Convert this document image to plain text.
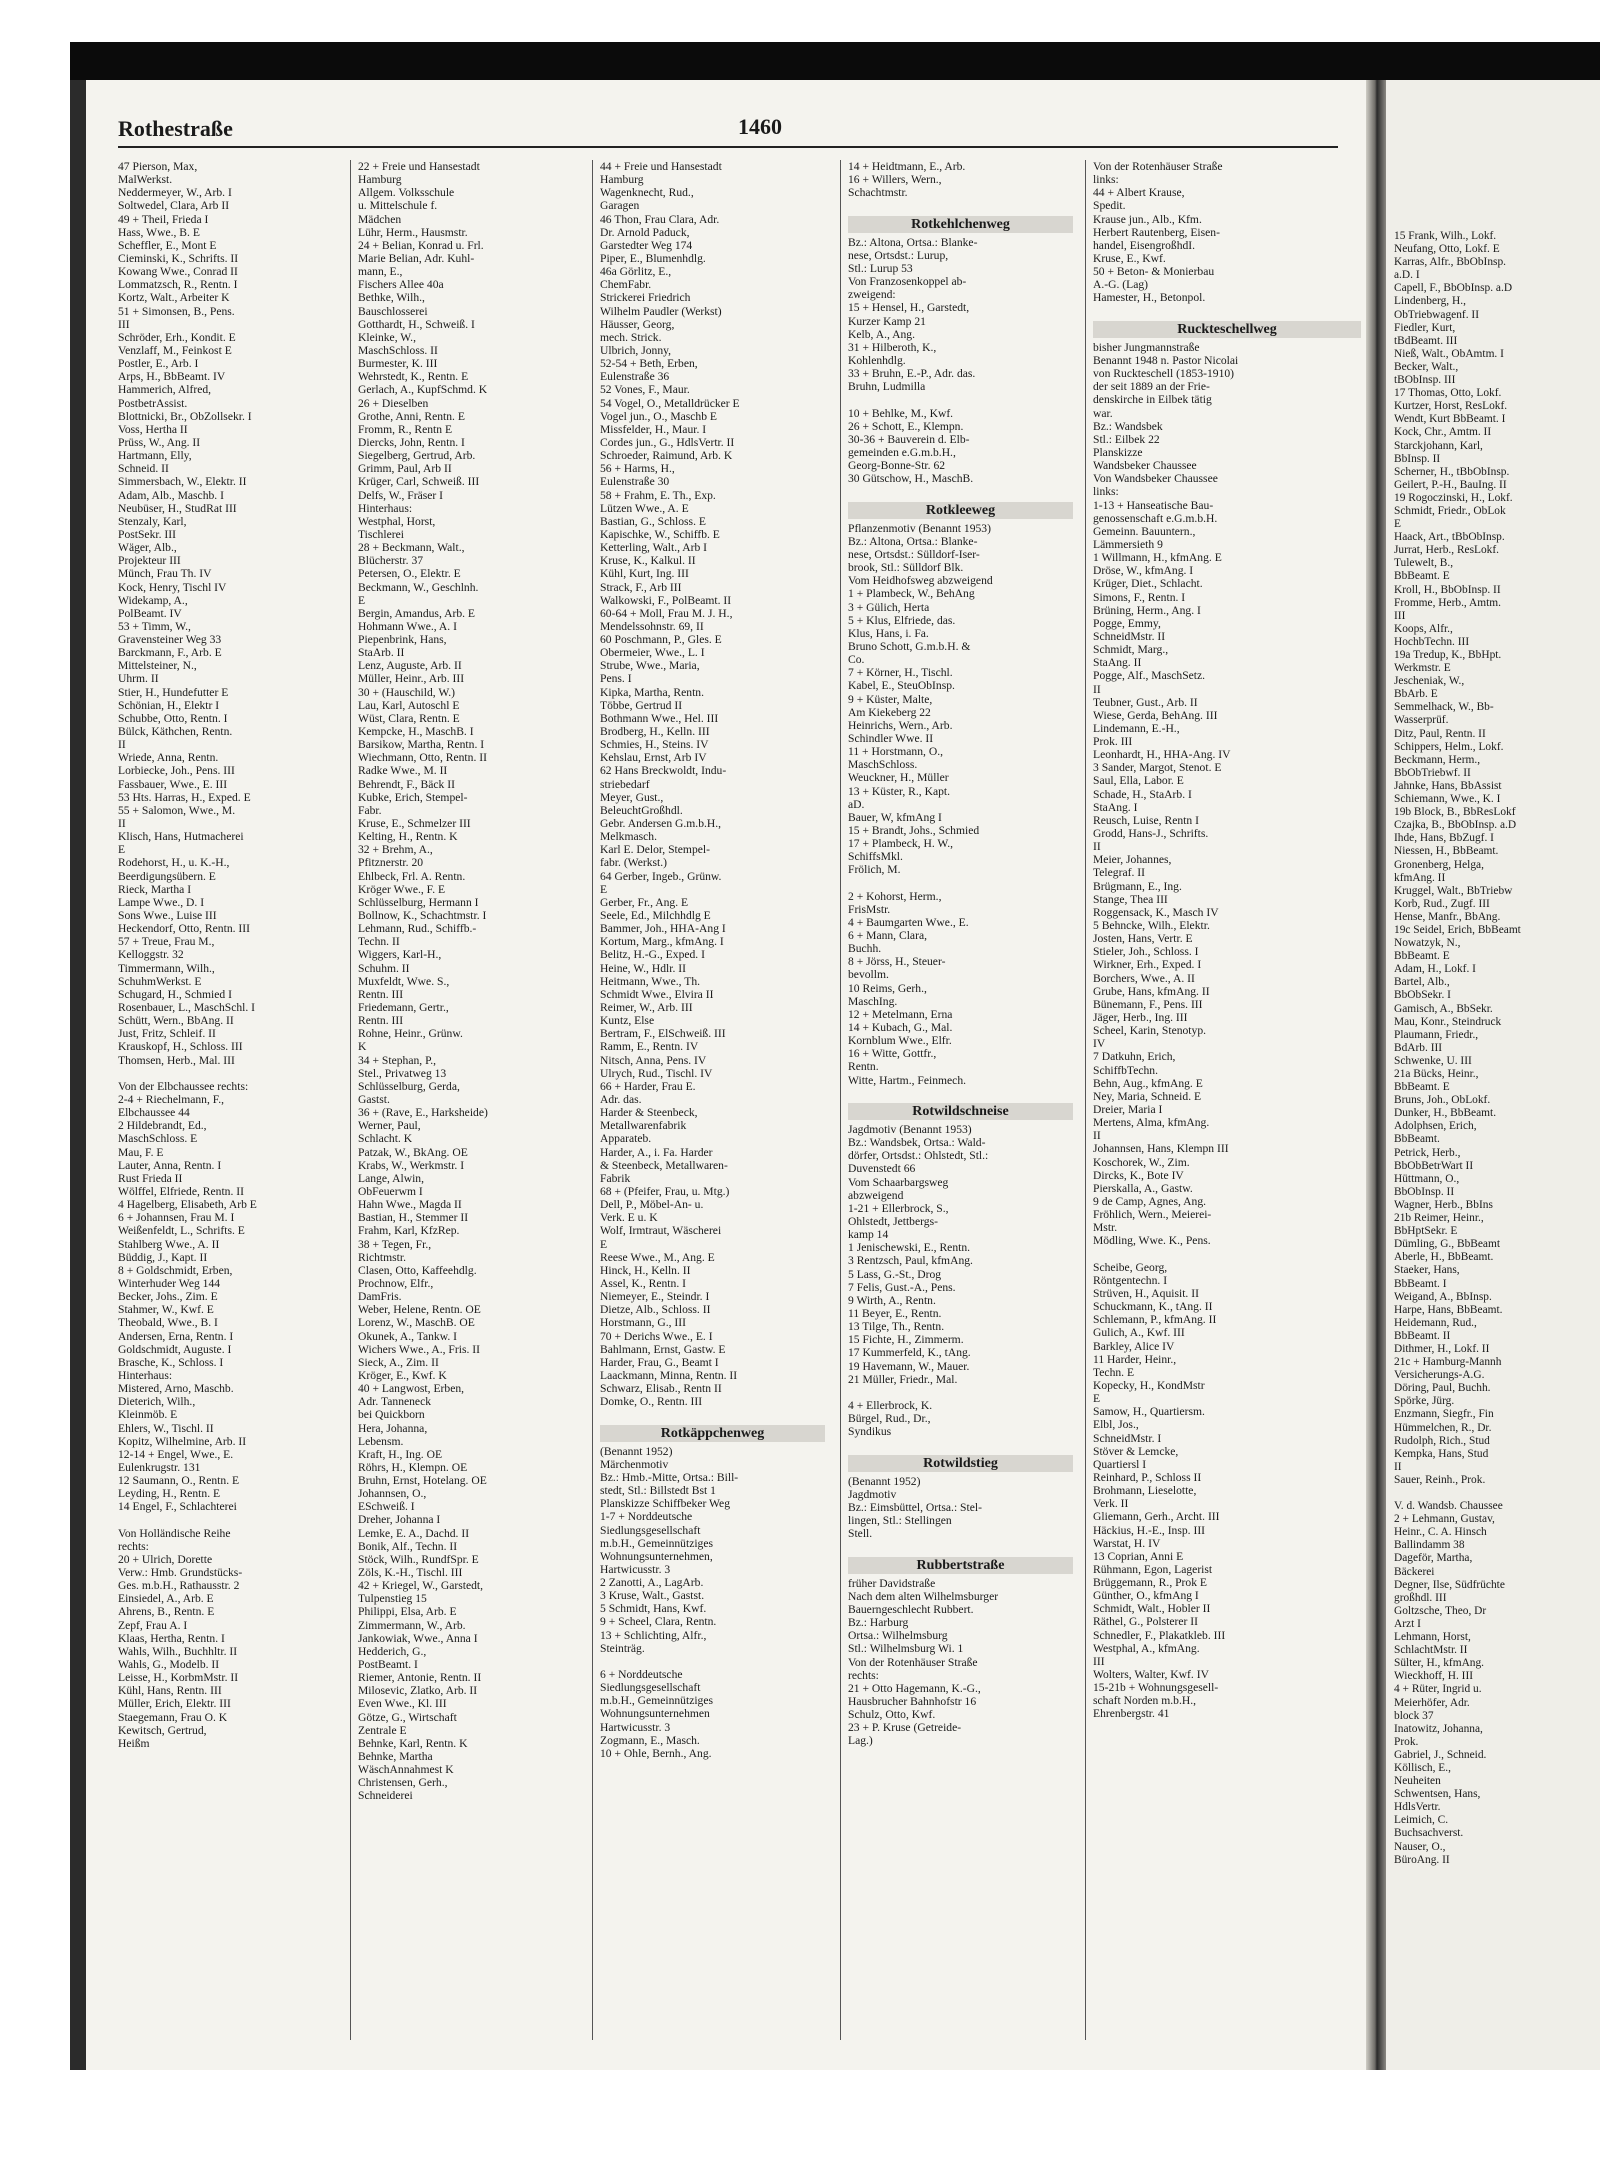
15 Frank, Wilh., Lokf.
Neufang, Otto, Lokf. E
Karras, Alfr., BbObInsp.
a.D. I
Capell, F., BbObInsp. a.D
Lindenberg, H.,
ObTriebwagenf. II
Fiedler, Kurt,
tBdBeamt. III
Nieß, Walt., ObAmtm. I
Becker, Walt.,
tBObInsp. III
17 Thomas, Otto, Lokf.
Kurtzer, Horst, ResLokf.
Wendt, Kurt BbBeamt. I
Kock, Chr., Amtm. II
Starckjohann, Karl,
BbInsp. II
Scherner, H., tBbObInsp.
Geilert, P.-H., BauIng. II
19 Rogoczinski, H., Lokf.
Schmidt, Friedr., ObLok
E
Haack, Art., tBbObInsp.
Jurrat, Herb., ResLokf.
Tulewelt, B.,
BbBeamt. E
Kroll, H., BbObInsp. II
Fromme, Herb., Amtm.
III
Koops, Alfr.,
HochbTechn. III
19a Tredup, K., BbHpt.
Werkmstr. E
Jescheniak, W.,
BbArb. E
Semmelhack, W., Bb-
Wasserprüf.
Ditz, Paul, Rentn. II
Schippers, Helm., Lokf.
Beckmann, Herm.,
BbObTriebwf. II
Jahnke, Hans, BbAssist
Schiemann, Wwe., K. I
19b Block, B., BbResLokf
Czajka, B., BbObInsp. a.D
Ihde, Hans, BbZugf. I
Niessen, H., BbBeamt.
Gronenberg, Helga,
kfmAng. II
Kruggel, Walt., BbTriebw
Korb, Rud., Zugf. III
Hense, Manfr., BbAng.
19c Seidel, Erich, BbBeamt
Nowatzyk, N.,
BbBeamt. E
Adam, H., Lokf. I
Bartel, Alb.,
BbObSekr. I
Gamisch, A., BbSekr.
Mau, Konr., Steindruck
Plaumann, Friedr.,
BdArb. III
Schwenke, U. III
21a Bücks, Heinr.,
BbBeamt. E
Bruns, Joh., ObLokf.
Dunker, H., BbBeamt.
Adolphsen, Erich,
BbBeamt.
Petrick, Herb.,
BbObBetrWart II
Hüttmann, O.,
BbObInsp. II
Wagner, Herb., BbIns
21b Reimer, Heinr.,
BbHptSekr. E
Dümling, G., BbBeamt
Aberle, H., BbBeamt.
Staeker, Hans,
BbBeamt. I
Weigand, A., BbInsp.
Harpe, Hans, BbBeamt.
Heidemann, Rud.,
BbBeamt. II
Dithmer, H., Lokf. II
21c + Hamburg-Mannh
Versicherungs-A.G.
Döring, Paul, Buchh.
Spörke, Jürg.
Enzmann, Siegfr., Fin
Hümmelchen, R., Dr.
Rudolph, Rich., Stud
Kempka, Hans, Stud
II
Sauer, Reinh., Prok.

V. d. Wandsb. Chaussee
2 + Lehmann, Gustav,
Heinr., C. A. Hinsch
Ballindamm 38
Dageför, Martha,
Bäckerei
Degner, Ilse, Südfrüchte
großhdl. III
Goltzsche, Theo, Dr
Arzt I
Lehmann, Horst,
SchlachtMstr. II
Sülter, H., kfmAng.
Wieckhoff, H. III
4 + Rüter, Ingrid u.
Meierhöfer, Adr.
block 37
Inatowitz, Johanna,
Prok.
Gabriel, J., Schneid.
Köllisch, E.,
Neuheiten
Schwentsen, Hans,
HdlsVertr.
Leimich, C.
Buchsachverst.
Nauser, O.,
BüroAng. II
Rothestraße	1460
47 Pierson, Max,
MalWerkst.
Neddermeyer, W., Arb. I
Soltwedel, Clara, Arb II
49 + Theil, Frieda I
Hass, Wwe., B. E
Scheffler, E., Mont E
Cieminski, K., Schrifts. II
Kowang Wwe., Conrad II
Lommatzsch, R., Rentn. I
Kortz, Walt., Arbeiter K
51 + Simonsen, B., Pens.
III
Schröder, Erh., Kondit. E
Venzlaff, M., Feinkost E
Postler, E., Arb. I
Arps, H., BbBeamt. IV
Hammerich, Alfred,
PostbetrAssist.
Blottnicki, Br., ObZollsekr. I
Voss, Hertha II
Prüss, W., Ang. II
Hartmann, Elly,
Schneid. II
Simmersbach, W., Elektr. II
Adam, Alb., Maschb. I
Neubüser, H., StudRat III
Stenzaly, Karl,
PostSekr. III
Wäger, Alb.,
Projekteur III
Münch, Frau Th. IV
Kock, Henry, Tischl IV
Widekamp, A.,
PolBeamt. IV
53 + Timm, W.,
Gravensteiner Weg 33
Barckmann, F., Arb. E
Mittelsteiner, N.,
Uhrm. II
Stier, H., Hundefutter E
Schönian, H., Elektr I
Schubbe, Otto, Rentn. I
Bülck, Käthchen, Rentn.
II
Wriede, Anna, Rentn.
Lorbiecke, Joh., Pens. III
Fassbauer, Wwe., E. III
53 Hts. Harras, H., Exped. E
55 + Salomon, Wwe., M.
II
Klisch, Hans, Hutmacherei
E
Rodehorst, H., u. K.-H.,
Beerdigungsübern. E
Rieck, Martha I
Lampe Wwe., D. I
Sons Wwe., Luise III
Heckendorf, Otto, Rentn. III
57 + Treue, Frau M.,
Kelloggstr. 32
Timmermann, Wilh.,
SchuhmWerkst. E
Schugard, H., Schmied I
Rosenbauer, L., MaschSchl. I
Schütt, Wern., BbAng. II
Just, Fritz, Schleif. II
Krauskopf, H., Schloss. III
Thomsen, Herb., Mal. III

Von der Elbchaussee rechts:
2-4 + Riechelmann, F.,
Elbchaussee 44
2 Hildebrandt, Ed.,
MaschSchloss. E
Mau, F. E
Lauter, Anna, Rentn. I
Rust Frieda II
Wölffel, Elfriede, Rentn. II
4 Hagelberg, Elisabeth, Arb E
6 + Johannsen, Frau M. I
Weißenfeldt, L., Schrifts. E
Stahlberg Wwe., A. II
Büddig, J., Kapt. II
8 + Goldschmidt, Erben,
Winterhuder Weg 144
Becker, Johs., Zim. E
Stahmer, W., Kwf. E
Theobald, Wwe., B. I
Andersen, Erna, Rentn. I
Goldschmidt, Auguste. I
Brasche, K., Schloss. I
Hinterhaus:
Mistered, Arno, Maschb.
Dieterich, Wilh.,
Kleinmöb. E
Ehlers, W., Tischl. II
Kopitz, Wilhelmine, Arb. II
12-14 + Engel, Wwe., E.
Eulenkrugstr. 131
12 Saumann, O., Rentn. E
Leyding, H., Rentn. E
14 Engel, F., Schlachterei

Von Holländische Reihe
rechts:
20 + Ulrich, Dorette
Verw.: Hmb. Grundstücks-
Ges. m.b.H., Rathausstr. 2
Einsiedel, A., Arb. E
Ahrens, B., Rentn. E
Zepf, Frau A. I
Klaas, Hertha, Rentn. I
Wahls, Wilh., Buchhltr. II
Wahls, G., Modelb. II
Leisse, H., KorbmMstr. II
Kühl, Hans, Rentn. III
Müller, Erich, Elektr. III
Staegemann, Frau O. K
Kewitsch, Gertrud,
Heißm
22 + Freie und Hansestadt
Hamburg
Allgem. Volksschule
u. Mittelschule f.
Mädchen
Lühr, Herm., Hausmstr.
24 + Belian, Konrad u. Frl.
Marie Belian, Adr. Kuhl-
mann, E.,
Fischers Allee 40a
Bethke, Wilh.,
Bauschlosserei
Gotthardt, H., Schweiß. I
Kleinke, W.,
MaschSchloss. II
Burmester, K. III
Wehrstedt, K., Rentn. E
Gerlach, A., KupfSchmd. K
26 + Dieselben
Grothe, Anni, Rentn. E
Fromm, R., Rentn E
Diercks, John, Rentn. I
Siegelberg, Gertrud, Arb.
Grimm, Paul, Arb II
Krüger, Carl, Schweiß. III
Delfs, W., Fräser I
Hinterhaus:
Westphal, Horst,
Tischlerei
28 + Beckmann, Walt.,
Blücherstr. 37
Petersen, O., Elektr. E
Beckmann, W., Geschlnh.
E
Bergin, Amandus, Arb. E
Hohmann Wwe., A. I
Piepenbrink, Hans,
StaArb. II
Lenz, Auguste, Arb. II
Müller, Heinr., Arb. III
30 + (Hauschild, W.)
Lau, Karl, Autoschl E
Wüst, Clara, Rentn. E
Kempcke, H., MaschB. I
Barsikow, Martha, Rentn. I
Wiechmann, Otto, Rentn. II
Radke Wwe., M. II
Behrendt, F., Bäck II
Kubke, Erich, Stempel-
Fabr.
Kruse, E., Schmelzer III
Kelting, H., Rentn. K
32 + Brehm, A.,
Pfitznerstr. 20
Ehlbeck, Frl. A. Rentn.
Kröger Wwe., F. E
Schlüsselburg, Hermann I
Bollnow, K., Schachtmstr. I
Lehmann, Rud., Schiffb.-
Techn. II
Wiggers, Karl-H.,
Schuhm. II
Muxfeldt, Wwe. S.,
Rentn. III
Friedemann, Gertr.,
Rentn. III
Rohne, Heinr., Grünw.
K
34 + Stephan, P.,
Stel., Privatweg 13
Schlüsselburg, Gerda,
Gastst.
36 + (Rave, E., Harksheide)
Werner, Paul,
Schlacht. K
Patzak, W., BkAng. OE
Krabs, W., Werkmstr. I
Lange, Alwin,
ObFeuerwm I
Hahn Wwe., Magda II
Bastian, H., Stemmer II
Frahm, Karl, KfzRep.
38 + Tegen, Fr.,
Richtmstr.
Clasen, Otto, Kaffeehdlg.
Prochnow, Elfr.,
DamFris.
Weber, Helene, Rentn. OE
Lorenz, W., MaschB. OE
Okunek, A., Tankw. I
Wichers Wwe., A., Fris. II
Sieck, A., Zim. II
Kröger, E., Kwf. K
40 + Langwost, Erben,
Adr. Tanneneck
bei Quickborn
Hera, Johanna,
Lebensm.
Kraft, H., Ing. OE
Röhrs, H., Klempn. OE
Bruhn, Ernst, Hotelang. OE
Johannsen, O.,
ESchweiß. I
Dreher, Johanna I
Lemke, E. A., Dachd. II
Bonik, Alf., Techn. II
Stöck, Wilh., RundfSpr. E
Zöls, K.-H., Tischl. III
42 + Kriegel, W., Garstedt,
Tulpenstieg 15
Philippi, Elsa, Arb. E
Zimmermann, W., Arb.
Jankowiak, Wwe., Anna I
Hedderich, G.,
PostBeamt. I
Riemer, Antonie, Rentn. II
Milosevic, Zlatko, Arb. II
Even Wwe., Kl. III
Götze, G., Wirtschaft
Zentrale E
Behnke, Karl, Rentn. K
Behnke, Martha
WäschAnnahmest K
Christensen, Gerh.,
Schneiderei
44 + Freie und Hansestadt
Hamburg
Wagenknecht, Rud.,
Garagen
46 Thon, Frau Clara, Adr.
Dr. Arnold Paduck,
Garstedter Weg 174
Piper, E., Blumenhdlg.
46a Görlitz, E.,
ChemFabr.
Strickerei Friedrich
Wilhelm Paudler (Werkst)
Häusser, Georg,
mech. Strick.
Ulbrich, Jonny,
52-54 + Beth, Erben,
Eulenstraße 36
52 Vones, F., Maur.
54 Vogel, O., Metalldrücker E
Vogel jun., O., Maschb E
Missfelder, H., Maur. I
Cordes jun., G., HdlsVertr. II
Schroeder, Raimund, Arb. K
56 + Harms, H.,
Eulenstraße 30
58 + Frahm, E. Th., Exp.
Lützen Wwe., A. E
Bastian, G., Schloss. E
Kapischke, W., Schiffb. E
Ketterling, Walt., Arb I
Kruse, K., Kalkul. II
Kühl, Kurt, Ing. III
Strack, F., Arb III
Walkowski, F., PolBeamt. II
60-64 + Moll, Frau M. J. H.,
Mendelssohnstr. 69, II
60 Poschmann, P., Gles. E
Obermeier, Wwe., L. I
Strube, Wwe., Maria,
Pens. I
Kipka, Martha, Rentn.
Többe, Gertrud II
Bothmann Wwe., Hel. III
Brodberg, H., Kelln. III
Schmies, H., Steins. IV
Kehslau, Ernst, Arb IV
62 Hans Breckwoldt, Indu-
striebedarf
Meyer, Gust.,
BeleuchtGroßhdl.
Gebr. Andersen G.m.b.H.,
Melkmasch.
Karl E. Delor, Stempel-
fabr. (Werkst.)
64 Gerber, Ingeb., Grünw.
E
Gerber, Fr., Ang. E
Seele, Ed., Milchhdlg E
Bammer, Joh., HHA-Ang I
Kortum, Marg., kfmAng. I
Belitz, H.-G., Exped. I
Heine, W., Hdlr. II
Heitmann, Wwe., Th.
Schmidt Wwe., Elvira II
Reimer, W., Arb. III
Kuntz, Else
Bertram, F., ElSchweiß. III
Ramm, E., Rentn. IV
Nitsch, Anna, Pens. IV
Ulrych, Rud., Tischl. IV
66 + Harder, Frau E.
Adr. das.
Harder & Steenbeck,
Metallwarenfabrik
Apparateb.
Harder, A., i. Fa. Harder
& Steenbeck, Metallwaren-
Fabrik
68 + (Pfeifer, Frau, u. Mtg.)
Dell, P., Möbel-An- u.
Verk. E u. K
Wolf, Irmtraut, Wäscherei
E
Reese Wwe., M., Ang. E
Hinck, H., Kelln. II
Assel, K., Rentn. I
Niemeyer, E., Steindr. I
Dietze, Alb., Schloss. II
Horstmann, G., III
70 + Derichs Wwe., E. I
Bahlmann, Ernst, Gastw. E
Harder, Frau, G., Beamt I
Laackmann, Minna, Rentn. II
Schwarz, Elisab., Rentn II
Domke, O., Rentn. III

Rotkäppchenweg
(Benannt 1952)
Märchenmotiv
Bz.: Hmb.-Mitte, Ortsa.: Bill-
stedt, Stl.: Billstedt Bst 1
Planskizze Schiffbeker Weg
1-7 + Norddeutsche
Siedlungsgesellschaft
m.b.H., Gemeinnütziges
Wohnungsunternehmen,
Hartwicusstr. 3
2 Zanotti, A., LagArb.
3 Kruse, Walt., Gastst.
5 Schmidt, Hans, Kwf.
9 + Scheel, Clara, Rentn.
13 + Schlichting, Alfr.,
Steinträg.

6 + Norddeutsche
Siedlungsgesellschaft
m.b.H., Gemeinnütziges
Wohnungsunternehmen
Hartwicusstr. 3
Zogmann, E., Masch.
10 + Ohle, Bernh., Ang.
14 + Heidtmann, E., Arb.
16 + Willers, Wern.,
Schachtmstr.

Rotkehlchenweg
Bz.: Altona, Ortsa.: Blanke-
nese, Ortsdst.: Lurup,
Stl.: Lurup 53
Von Franzosenkoppel ab-
zweigend:
15 + Hensel, H., Garstedt,
Kurzer Kamp 21
Kelb, A., Ang.
31 + Hilberoth, K.,
Kohlenhdlg.
33 + Bruhn, E.-P., Adr. das.
Bruhn, Ludmilla

10 + Behlke, M., Kwf.
26 + Schott, E., Klempn.
30-36 + Bauverein d. Elb-
gemeinden e.G.m.b.H.,
Georg-Bonne-Str. 62
30 Gütschow, H., MaschB.

Rotkleeweg
Pflanzenmotiv (Benannt 1953)
Bz.: Altona, Ortsa.: Blanke-
nese, Ortsdst.: Sülldorf-Iser-
brook, Stl.: Sülldorf Blk.
Vom Heidhofsweg abzweigend
1 + Plambeck, W., BehAng
3 + Gülich, Herta
5 + Klus, Elfriede, das.
Klus, Hans, i. Fa.
Bruno Schott, G.m.b.H. &
Co.
7 + Körner, H., Tischl.
Kabel, E., SteuObInsp.
9 + Küster, Malte,
Am Kiekeberg 22
Heinrichs, Wern., Arb.
Schindler Wwe. II
11 + Horstmann, O.,
MaschSchloss.
Weuckner, H., Müller
13 + Küster, R., Kapt.
aD.
Bauer, W, kfmAng I
15 + Brandt, Johs., Schmied
17 + Plambeck, H. W.,
SchiffsMkl.
Frölich, M.

2 + Kohorst, Herm.,
FrisMstr.
4 + Baumgarten Wwe., E.
6 + Mann, Clara,
Buchh.
8 + Jörss, H., Steuer-
bevollm.
10 Reims, Gerh.,
MaschIng.
12 + Metelmann, Erna
14 + Kubach, G., Mal.
Kornblum Wwe., Elfr.
16 + Witte, Gottfr.,
Rentn.
Witte, Hartm., Feinmech.

Rotwildschneise
Jagdmotiv (Benannt 1953)
Bz.: Wandsbek, Ortsa.: Wald-
dörfer, Ortsdst.: Ohlstedt, Stl.:
Duvenstedt 66
Vom Schaarbargsweg
abzweigend
1-21 + Ellerbrock, S.,
Ohlstedt, Jettbergs-
kamp 14
1 Jenischewski, E., Rentn.
3 Rentzsch, Paul, kfmAng.
5 Lass, G.-St., Drog
7 Felis, Gust.-A., Pens.
9 Wirth, A., Rentn.
11 Beyer, E., Rentn.
13 Tilge, Th., Rentn.
15 Fichte, H., Zimmerm.
17 Kummerfeld, K., tAng.
19 Havemann, W., Mauer.
21 Müller, Friedr., Mal.

4 + Ellerbrock, K.
Bürgel, Rud., Dr.,
Syndikus

Rotwildstieg
(Benannt 1952)
Jagdmotiv
Bz.: Eimsbüttel, Ortsa.: Stel-
lingen, Stl.: Stellingen
Stell.

Rubbertstraße
früher Davidstraße
Nach dem alten Wilhelmsburger
Bauerngeschlecht Rubbert.
Bz.: Harburg
Ortsa.: Wilhelmsburg
Stl.: Wilhelmsburg Wi. 1
Von der Rotenhäuser Straße
rechts:
21 + Otto Hagemann, K.-G.,
Hausbrucher Bahnhofstr 16
Schulz, Otto, Kwf.
23 + P. Kruse (Getreide-
Lag.)
Von der Rotenhäuser Straße
links:
44 + Albert Krause,
Spedit.
Krause jun., Alb., Kfm.
Herbert Rautenberg, Eisen-
handel, EisengroßhdI.
Kruse, E., Kwf.
50 + Beton- & Monierbau
A.-G. (Lag)
Hamester, H., Betonpol.

Ruckteschellweg
bisher Jungmannstraße
Benannt 1948 n. Pastor Nicolai
von Ruckteschell (1853-1910)
der seit 1889 an der Frie-
denskirche in Eilbek tätig
war.
Bz.: Wandsbek
Stl.: Eilbek 22
Planskizze
Wandsbeker Chaussee
Von Wandsbeker Chaussee
links:
1-13 + Hanseatische Bau-
genossenschaft e.G.m.b.H.
Gemeinn. Bauuntern.,
Lämmersieth 9
1 Willmann, H., kfmAng. E
Dröse, W., kfmAng. I
Krüger, Diet., Schlacht.
Simons, F., Rentn. I
Brüning, Herm., Ang. I
Pogge, Emmy,
SchneidMstr. II
Schmidt, Marg.,
StaAng. II
Pogge, Alf., MaschSetz.
II
Teubner, Gust., Arb. II
Wiese, Gerda, BehAng. III
Lindemann, E.-H.,
Prok. III
Leonhardt, H., HHA-Ang. IV
3 Sander, Margot, Stenot. E
Saul, Ella, Labor. E
Schade, H., StaArb. I
StaAng. I
Reusch, Luise, Rentn I
Grodd, Hans-J., Schrifts.
II
Meier, Johannes,
Telegraf. II
Brügmann, E., Ing.
Stange, Thea III
Roggensack, K., Masch IV
5 Behncke, Wilh., Elektr.
Josten, Hans, Vertr. E
Stieler, Joh., Schloss. I
Wirkner, Erh., Exped. I
Borchers, Wwe., A. II
Grube, Hans, kfmAng. II
Bünemann, F., Pens. III
Jäger, Herb., Ing. III
Scheel, Karin, Stenotyp.
IV
7 Datkuhn, Erich,
SchiffbTechn.
Behn, Aug., kfmAng. E
Ney, Maria, Schneid. E
Dreier, Maria I
Mertens, Alma, kfmAng.
II
Johannsen, Hans, Klempn III
Koschorek, W., Zim.
Dircks, K., Bote IV
Pierskalla, A., Gastw.
9 de Camp, Agnes, Ang.
Fröhlich, Wern., Meierei-
Mstr.
Mödling, Wwe. K., Pens.

Scheibe, Georg,
Röntgentechn. I
Strüven, H., Aquisit. II
Schuckmann, K., tAng. II
Schlemann, P., kfmAng. II
Gulich, A., Kwf. III
Barkley, Alice IV
11 Harder, Heinr.,
Techn. E
Kopecky, H., KondMstr
E
Samow, H., Quartiersm.
Elbl, Jos.,
SchneidMstr. I
Stöver & Lemcke,
Quartiersl I
Reinhard, P., Schloss II
Brohmann, Lieselotte,
Verk. II
Gliemann, Gerh., Archt. III
Häckius, H.-E., Insp. III
Warstat, H. IV
13 Coprian, Anni E
Rühmann, Egon, Lagerist
Brüggemann, R., Prok E
Günther, O., kfmAng I
Schmidt, Walt., Hobler II
Räthel, G., Polsterer II
Schnedler, F., Plakatkleb. III
Westphal, A., kfmAng.
III
Wolters, Walter, Kwf. IV
15-21b + Wohnungsgesell-
schaft Norden m.b.H.,
Ehrenbergstr. 41
